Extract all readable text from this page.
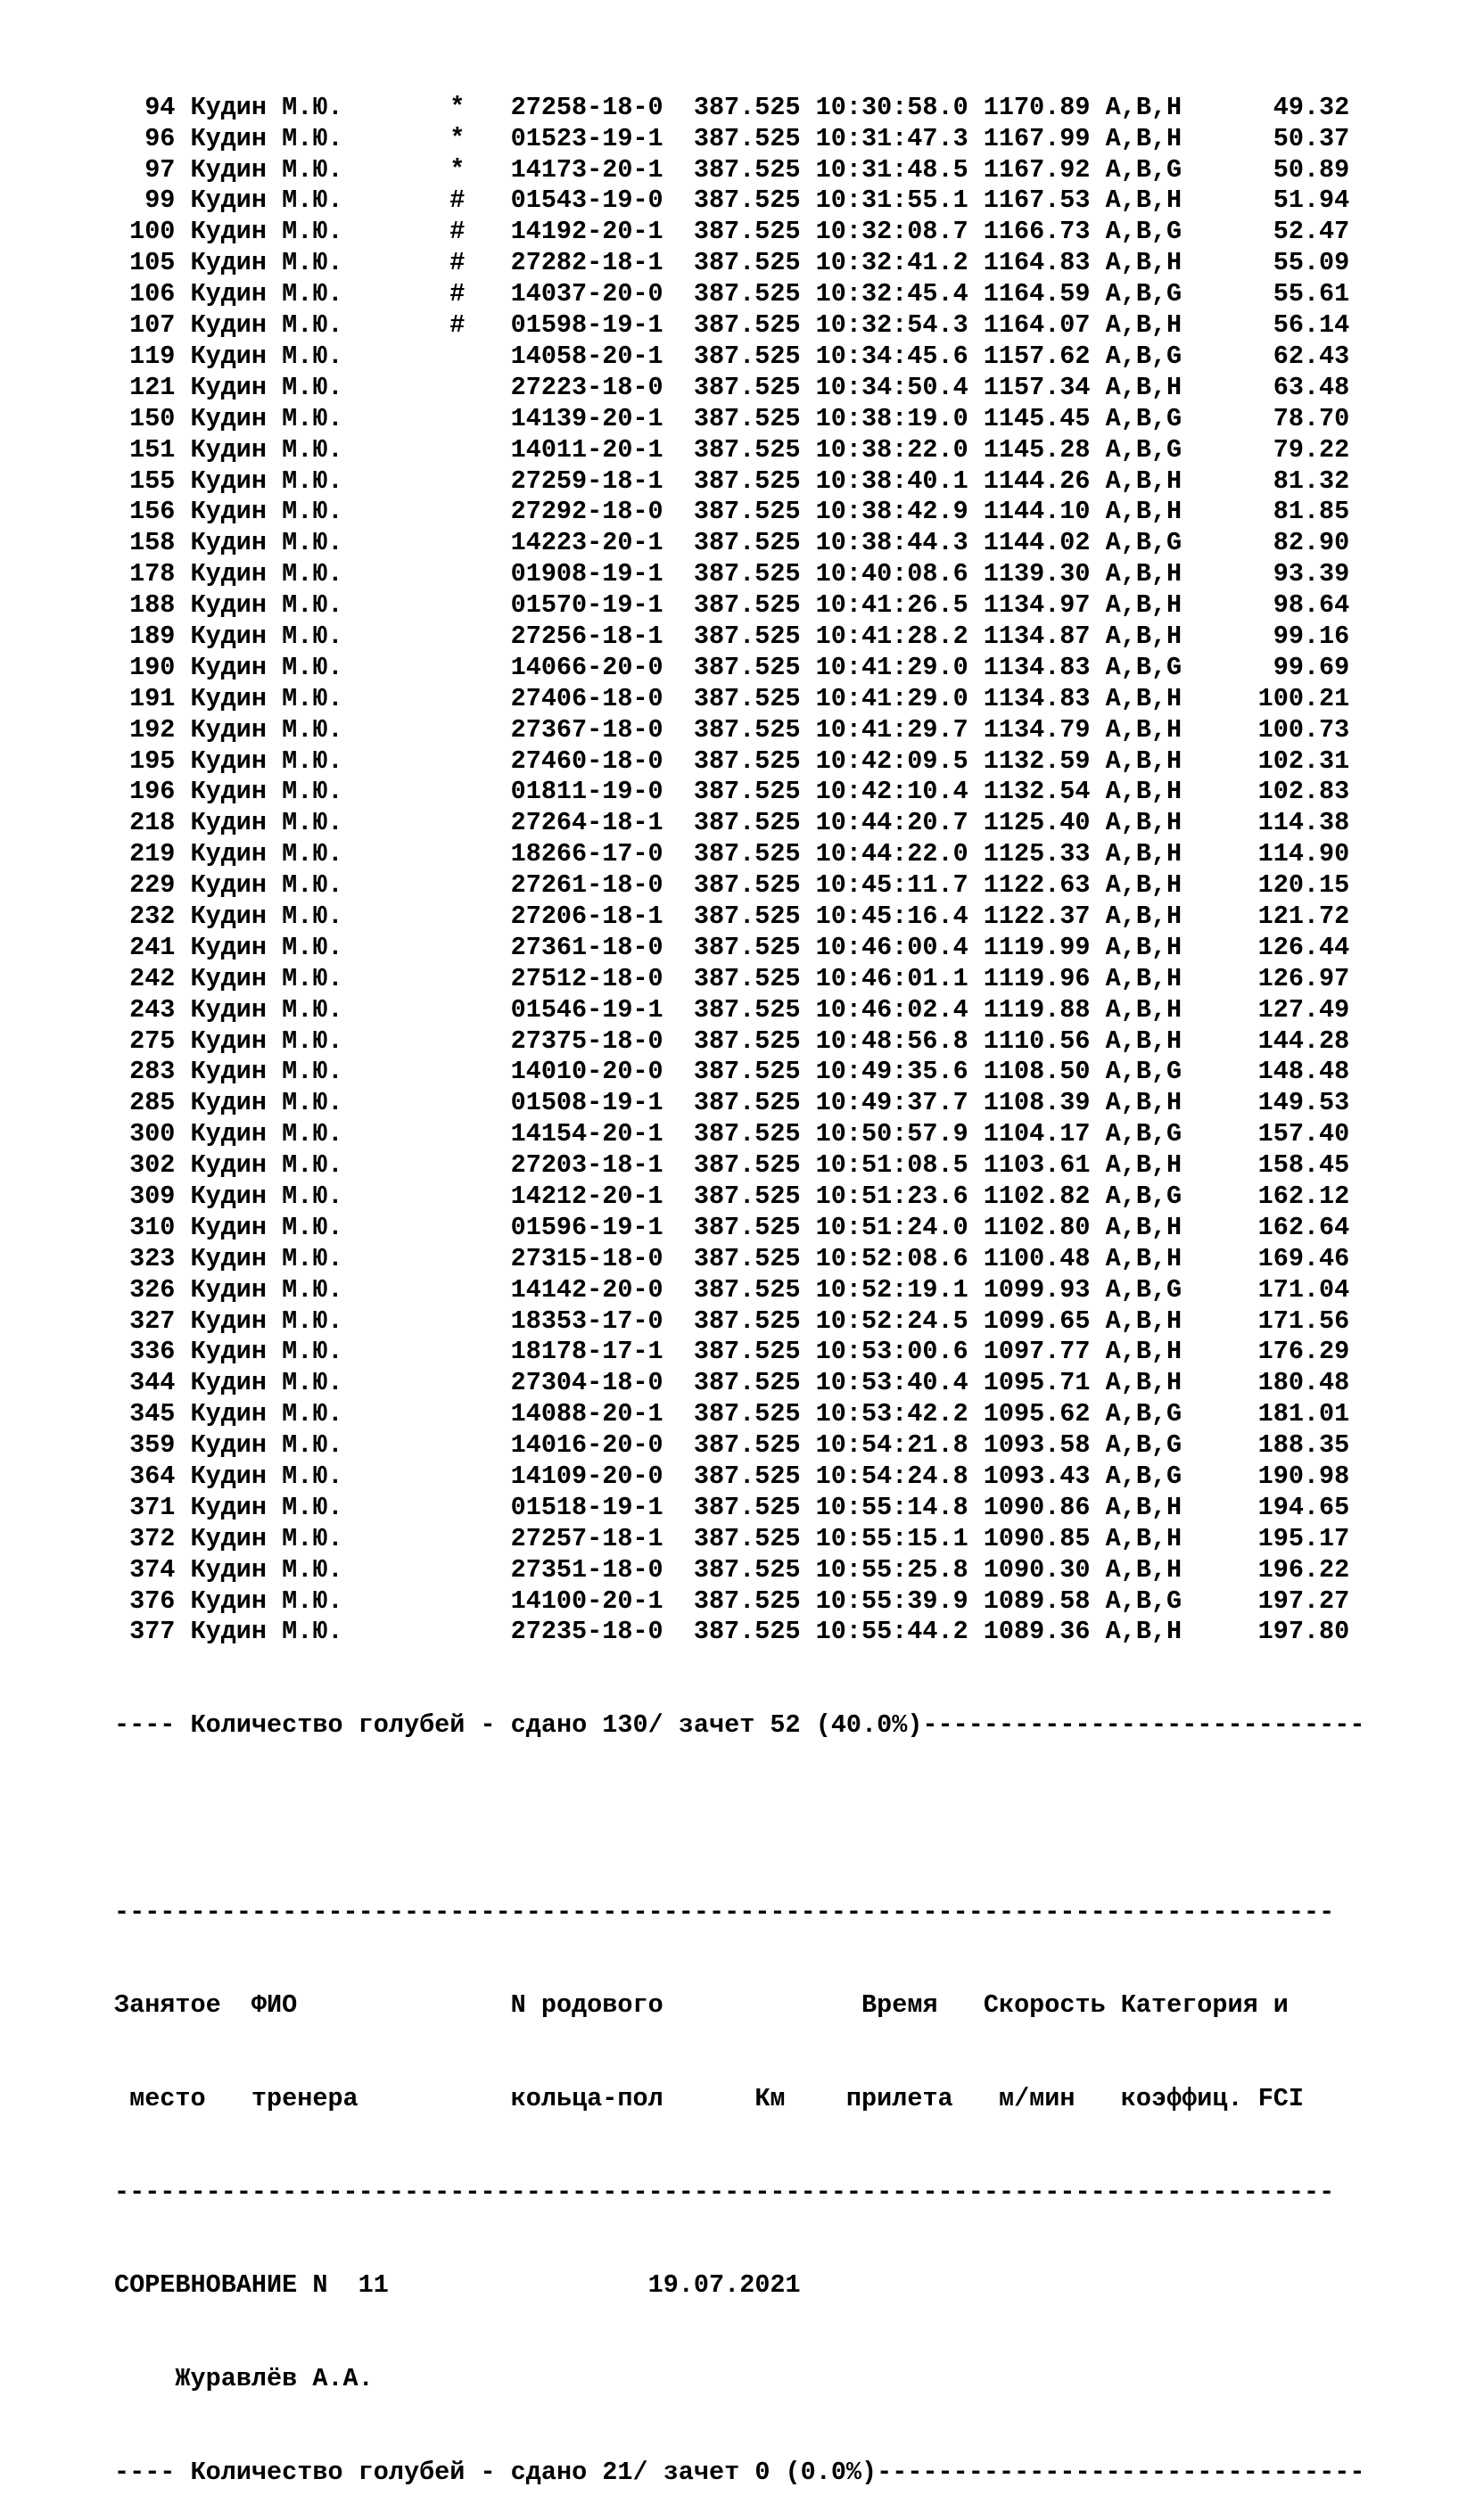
94 Кудин М.Ю.	* 27258-18-0 387.525 10:30:58.0 1170.89 A,B,H	49.32
96 Кудин М.Ю.	* 01523-19-1 387.525 10:31:47.3 1167.99 A,B,H	50.37
97 Кудин М.Ю.	* 14173-20-1 387.525 10:31:48.5 1167.92 A,B,G	50.89
99 Кудин М.Ю.	# 01543-19-0 387.525 10:31:55.1 1167.53 A,B,H	51.94
100 Кудин М.Ю.	# 14192-20-1 387.525 10:32:08.7 1166.73 A,B,G	52.47
105 Кудин М.Ю.	# 27282-18-1 387.525 10:32:41.2 1164.83 A,B,H	55.09
106 Кудин М.Ю.	# 14037-20-0 387.525 10:32:45.4 1164.59 A,B,G	55.61
107 Кудин М.Ю.	# 01598-19-1 387.525 10:32:54.3 1164.07 A,B,H	56.14
119 Кудин М.Ю.	14058-20-1 387.525 10:34:45.6 1157.62 A,B,G	62.43
121 Кудин М.Ю.	27223-18-0 387.525 10:34:50.4 1157.34 A,B,H	63.48
150 Кудин М.Ю.	14139-20-1 387.525 10:38:19.0 1145.45 A,B,G	78.70
151 Кудин М.Ю.	14011-20-1 387.525 10:38:22.0 1145.28 A,B,G	79.22
155 Кудин М.Ю.	27259-18-1 387.525 10:38:40.1 1144.26 A,B,H	81.32
156 Кудин М.Ю.	27292-18-0 387.525 10:38:42.9 1144.10 A,B,H	81.85
158 Кудин М.Ю.	14223-20-1 387.525 10:38:44.3 1144.02 A,B,G	82.90
178 Кудин М.Ю.	01908-19-1 387.525 10:40:08.6 1139.30 A,B,H	93.39
188 Кудин М.Ю.	01570-19-1 387.525 10:41:26.5 1134.97 A,B,H	98.64
189 Кудин М.Ю.	27256-18-1 387.525 10:41:28.2 1134.87 A,B,H	99.16
190 Кудин М.Ю.	14066-20-0 387.525 10:41:29.0 1134.83 A,B,G	99.69
191 Кудин М.Ю.	27406-18-0 387.525 10:41:29.0 1134.83 A,B,H	100.21
192 Кудин М.Ю.	27367-18-0 387.525 10:41:29.7 1134.79 A,B,H	100.73
195 Кудин М.Ю.	27460-18-0 387.525 10:42:09.5 1132.59 A,B,H	102.31
196 Кудин М.Ю.	01811-19-0 387.525 10:42:10.4 1132.54 A,B,H	102.83
218 Кудин М.Ю.	27264-18-1 387.525 10:44:20.7 1125.40 A,B,H	114.38
219 Кудин М.Ю.	18266-17-0 387.525 10:44:22.0 1125.33 A,B,H	114.90
229 Кудин М.Ю.	27261-18-0 387.525 10:45:11.7 1122.63 A,B,H	120.15
232 Кудин М.Ю.	27206-18-1 387.525 10:45:16.4 1122.37 A,B,H	121.72
241 Кудин М.Ю.	27361-18-0 387.525 10:46:00.4 1119.99 A,B,H	126.44
242 Кудин М.Ю.	27512-18-0 387.525 10:46:01.1 1119.96 A,B,H	126.97
243 Кудин М.Ю.	01546-19-1 387.525 10:46:02.4 1119.88 A,B,H	127.49
275 Кудин М.Ю.	27375-18-0 387.525 10:48:56.8 1110.56 A,B,H	144.28
283 Кудин М.Ю.	14010-20-0 387.525 10:49:35.6 1108.50 A,B,G	148.48
285 Кудин М.Ю.	01508-19-1 387.525 10:49:37.7 1108.39 A,B,H	149.53
300 Кудин М.Ю.	14154-20-1 387.525 10:50:57.9 1104.17 A,B,G	157.40
302 Кудин М.Ю.	27203-18-1 387.525 10:51:08.5 1103.61 A,B,H	158.45
309 Кудин М.Ю.	14212-20-1 387.525 10:51:23.6 1102.82 A,B,G	162.12
310 Кудин М.Ю.	01596-19-1 387.525 10:51:24.0 1102.80 A,B,H	162.64
323 Кудин М.Ю.	27315-18-0 387.525 10:52:08.6 1100.48 A,B,H	169.46
326 Кудин М.Ю.	14142-20-0 387.525 10:52:19.1 1099.93 A,B,G	171.04
327 Кудин М.Ю.	18353-17-0 387.525 10:52:24.5 1099.65 A,B,H	171.56
336 Кудин М.Ю.	18178-17-1 387.525 10:53:00.6 1097.77 A,B,H	176.29
344 Кудин М.Ю.	27304-18-0 387.525 10:53:40.4 1095.71 A,B,H	180.48
345 Кудин М.Ю.	14088-20-1 387.525 10:53:42.2 1095.62 A,B,G	181.01
359 Кудин М.Ю.	14016-20-0 387.525 10:54:21.8 1093.58 A,B,G	188.35
364 Кудин М.Ю.	14109-20-0 387.525 10:54:24.8 1093.43 A,B,G	190.98
371 Кудин М.Ю.	01518-19-1 387.525 10:55:14.8 1090.86 A,B,H	194.65
372 Кудин М.Ю.	27257-18-1 387.525 10:55:15.1 1090.85 A,B,H	195.17
374 Кудин М.Ю.	27351-18-0 387.525 10:55:25.8 1090.30 A,B,H	196.22
376 Кудин М.Ю.	14100-20-1 387.525 10:55:39.9 1089.58 A,B,G	197.27
377 Кудин М.Ю.	27235-18-0 387.525 10:55:44.2 1089.36 A,B,H	197.80

---- Количество голубей - сдано 130/ зачет 52 (40.0%)-----------------------------

--------------------------------------------------------------------------------

Занятое  ФИО              N родового             Время   Скорость Категория и

место   тренера          кольца-пол      Км    прилета   м/мин   коэффиц. FCI

--------------------------------------------------------------------------------

СОРЕВНОВАНИЕ N  11	19.07.2021

Журавлёв А.А.

---- Количество голубей - сдано 21/ зачет 0 (0.0%)--------------------------------
